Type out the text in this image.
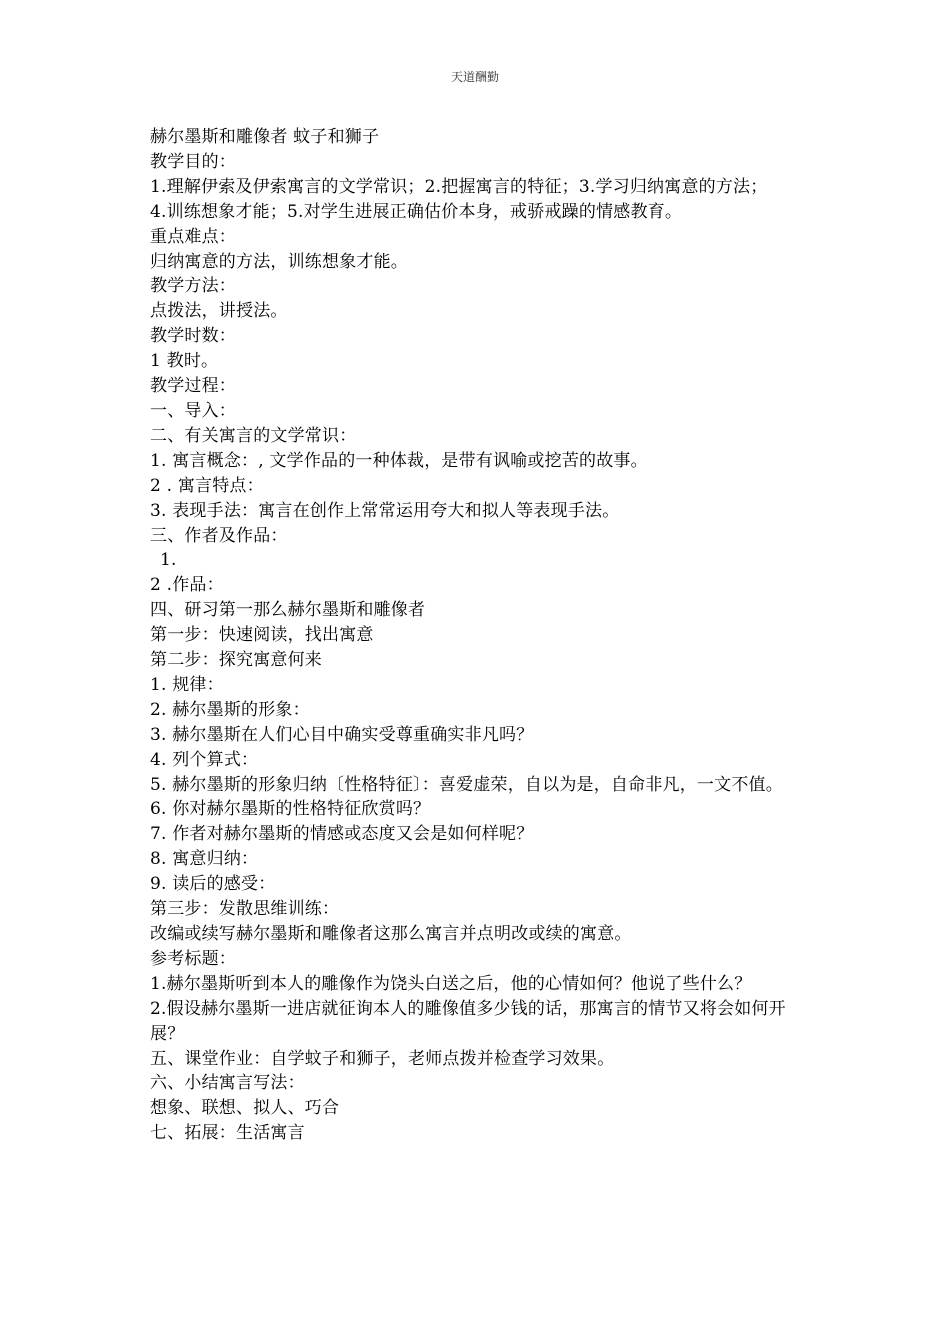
天道酬勤

赫尔墨斯和雕像者 蚊子和狮子

教学目的：

1.理解伊索及伊索寓言的文学常识；2.把握寓言的特征；3.学习归纳寓意的方法；

4.训练想象才能；5.对学生进展正确估价本身，戒骄戒躁的情感教育。

重点难点：

归纳寓意的方法，训练想象才能。

教学方法：

点拨法，讲授法。

教学时数：

1 教时。

教学过程：

一、导入：

二、有关寓言的文学常识：

1. 寓言概念：, 文学作品的一种体裁，是带有讽喻或挖苦的故事。

2 . 寓言特点：

3. 表现手法：寓言在创作上常常运用夸大和拟人等表现手法。

三、作者及作品：

1.

2 .作品：

四、研习第一那么赫尔墨斯和雕像者

第一步：快速阅读，找出寓意

第二步：探究寓意何来

1. 规律：

2. 赫尔墨斯的形象：

3. 赫尔墨斯在人们心目中确实受尊重确实非凡吗？

4. 列个算式：

5. 赫尔墨斯的形象归纳〔性格特征〕：喜爱虚荣，自以为是，自命非凡，一文不值。

6. 你对赫尔墨斯的性格特征欣赏吗？

7. 作者对赫尔墨斯的情感或态度又会是如何样呢？

8. 寓意归纳：

9. 读后的感受：

第三步：发散思维训练：

改编或续写赫尔墨斯和雕像者这那么寓言并点明改或续的寓意。

参考标题：

1.赫尔墨斯听到本人的雕像作为饶头白送之后，他的心情如何？他说了些什么？

2.假设赫尔墨斯一进店就征询本人的雕像值多少钱的话，那寓言的情节又将会如何开展？

五、课堂作业：自学蚊子和狮子，老师点拨并检查学习效果。

六、小结寓言写法：

想象、联想、拟人、巧合

七、拓展：生活寓言
